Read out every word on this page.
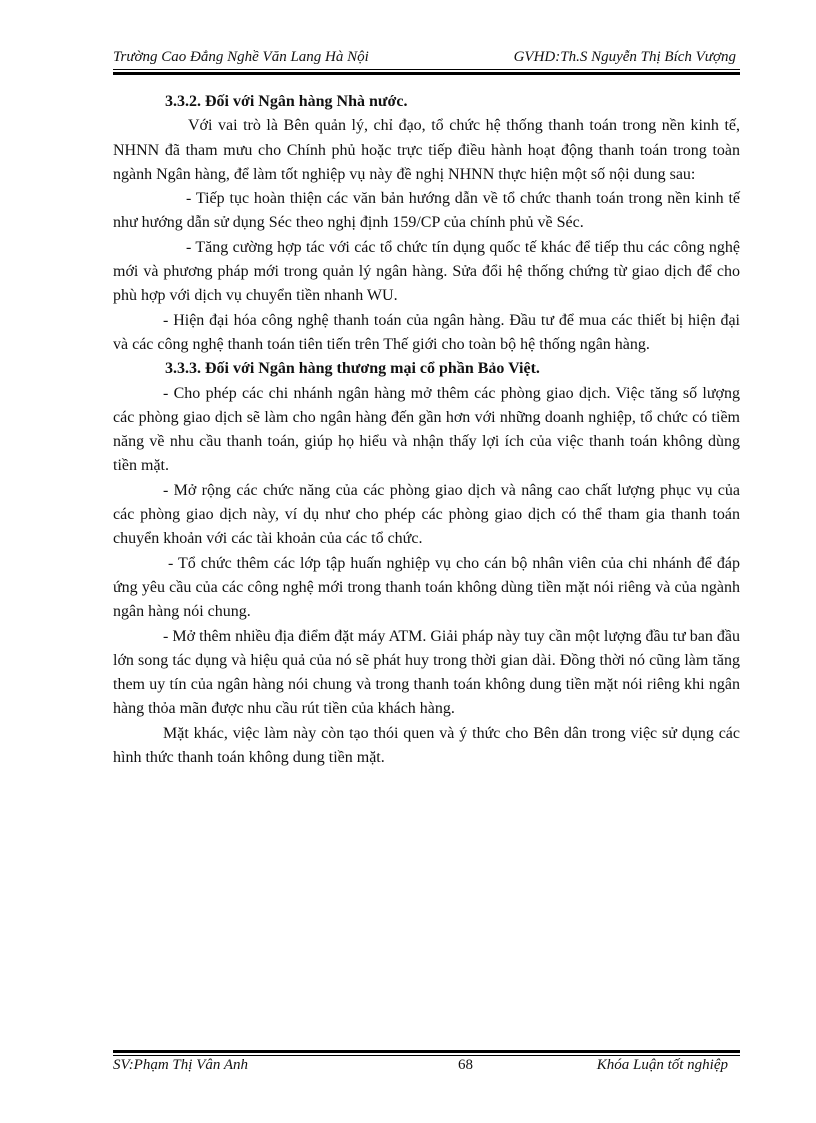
Trường Cao Đẳng Nghề Văn Lang Hà Nội	GVHD:Th.S Nguyễn Thị Bích Vượng

3.3.2. Đối với Ngân hàng Nhà nước.

Với vai trò là Bên quản lý, chỉ đạo, tổ chức hệ thống thanh toán trong nền kinh tế, NHNN đã tham mưu cho Chính phủ hoặc trực tiếp điều hành hoạt động thanh toán trong toàn ngành Ngân hàng, để làm tốt nghiệp vụ này đề nghị NHNN thực hiện một số nội dung sau:

- Tiếp tục hoàn thiện các văn bản hướng dẫn về tổ chức thanh toán trong nền kinh tế như hướng dẫn sử dụng Séc theo nghị định 159/CP của chính phủ về Séc.

- Tăng cường hợp tác với các tổ chức tín dụng quốc tế khác để tiếp thu các công nghệ mới và phương pháp mới trong quản lý ngân hàng. Sửa đổi hệ thống chứng từ giao dịch để cho phù hợp với dịch vụ chuyển tiền nhanh WU.

- Hiện đại hóa công nghệ thanh toán của ngân hàng. Đầu tư để mua các thiết bị hiện đại và các công nghệ thanh toán tiên tiến trên Thế giới cho toàn bộ hệ thống ngân hàng.

3.3.3. Đối với Ngân hàng thương mại cổ phần Bảo Việt.

- Cho phép các chi nhánh ngân hàng mở thêm các phòng giao dịch. Việc tăng số lượng các phòng giao dịch sẽ làm cho ngân hàng đến gần hơn với những doanh nghiệp, tổ chức có tiềm năng về nhu cầu thanh toán, giúp họ hiểu và nhận thấy lợi ích của việc thanh toán không dùng tiền mặt.

- Mở rộng các chức năng của các phòng giao dịch và nâng cao chất lượng phục vụ của các phòng giao dịch này, ví dụ như cho phép các phòng giao dịch có thể tham gia thanh toán chuyển khoản với các tài khoản của các tổ chức.

- Tổ chức thêm các lớp tập huấn nghiệp vụ cho cán bộ nhân viên của chi nhánh để đáp ứng yêu cầu của các công nghệ mới trong thanh toán không dùng tiền mặt nói riêng và của ngành ngân hàng nói chung.

- Mở thêm nhiều địa điểm đặt máy ATM. Giải pháp này tuy cần một lượng đầu tư ban đầu lớn song tác dụng và hiệu quả của nó sẽ phát huy trong thời gian dài. Đồng thời nó cũng làm tăng them uy tín của ngân hàng nói chung và trong thanh toán không dung tiền mặt nói riêng khi ngân hàng thỏa mãn được nhu cầu rút tiền của khách hàng.

Mặt khác, việc làm này còn tạo thói quen và ý thức cho Bên dân trong việc sử dụng các hình thức thanh toán không dung tiền mặt.

SV:Phạm Thị Vân Anh	68	Khóa Luận tốt nghiệp
